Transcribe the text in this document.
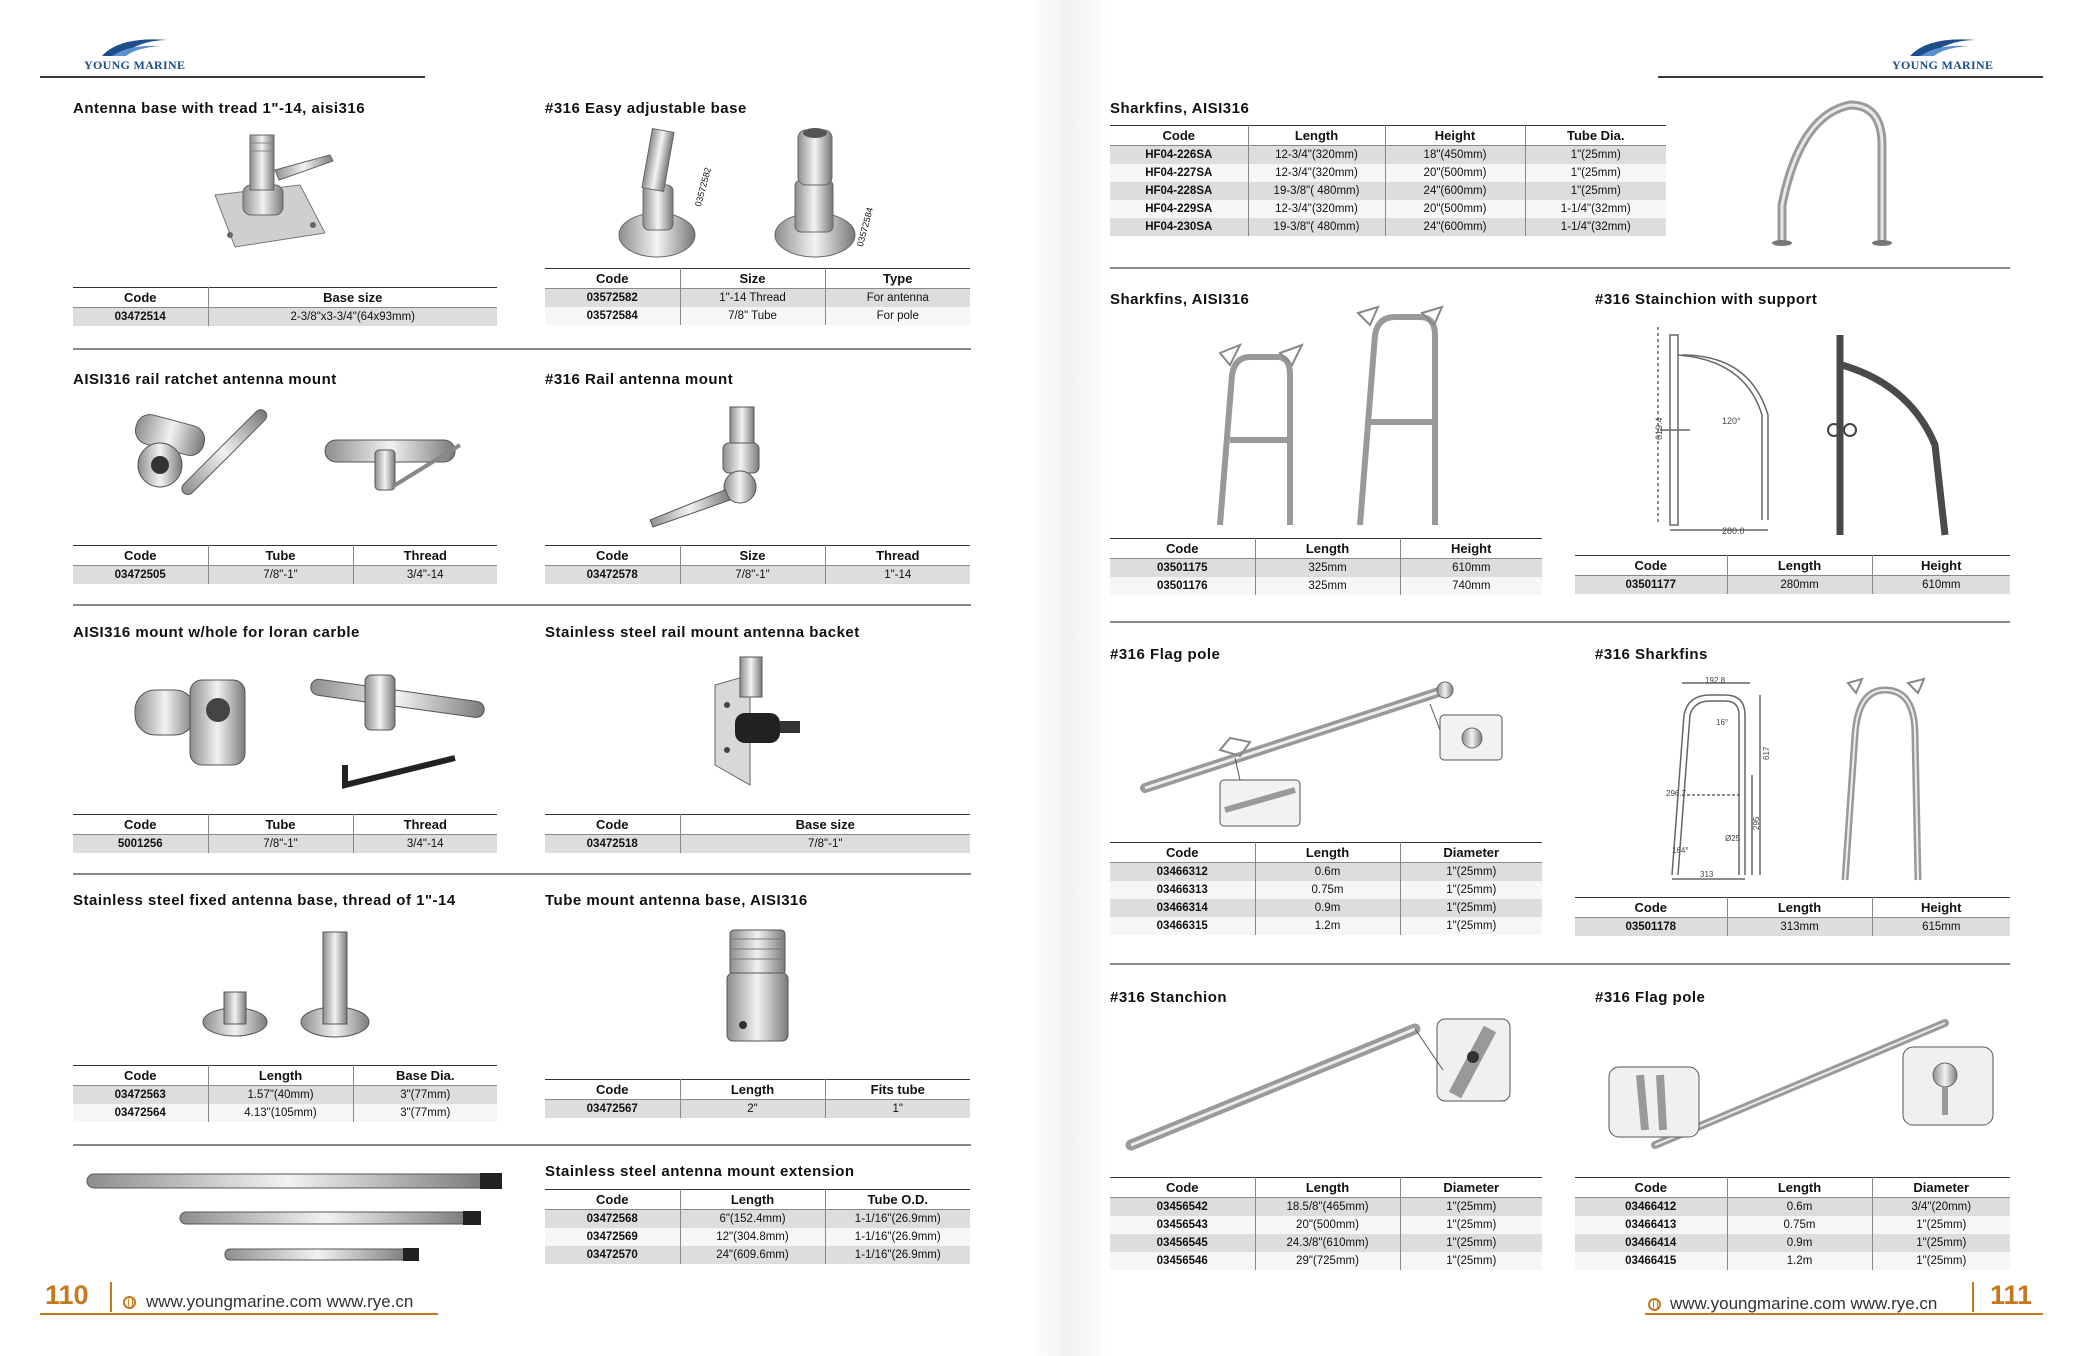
YOUNG MARINE	YOUNG MARINE
Antenna base with tread 1"-14, aisi316
Code	Base size
03472514	2-3/8"x3-3/4"(64x93mm)
#316 Easy adjustable base
03572582
03572584
Code	Size	Type
03572582	1"-14 Thread	For antenna
03572584	7/8" Tube	For pole
AISI316 rail ratchet antenna mount
Code	Tube	Thread
03472505	7/8"-1"	3/4"-14
#316 Rail antenna mount
Code	Size	Thread
03472578	7/8"-1"	1"-14
AISI316 mount w/hole for loran carble
Code	Tube	Thread
5001256	7/8"-1"	3/4"-14
Stainless steel rail mount antenna backet
Code	Base size
03472518	7/8"-1"
Stainless steel fixed antenna base, thread of 1"-14
Code	Length	Base Dia.
03472563	1.57"(40mm)	3"(77mm)
03472564	4.13"(105mm)	3"(77mm)
Tube mount antenna base, AISI316
Code	Length	Fits tube
03472567	2"	1"
Stainless steel antenna mount extension
Code	Length	Tube O.D.
03472568	6"(152.4mm)	1-1/16"(26.9mm)
03472569	12"(304.8mm)	1-1/16"(26.9mm)
03472570	24"(609.6mm)	1-1/16"(26.9mm)
110	www.youngmarine.com www.rye.cn
Sharkfins, AISI316
Code	Length	Height	Tube Dia.
HF04-226SA	12-3/4"(320mm)	18"(450mm)	1"(25mm)
HF04-227SA	12-3/4"(320mm)	20"(500mm)	1"(25mm)
HF04-228SA	19-3/8"( 480mm)	24"(600mm)	1"(25mm)
HF04-229SA	12-3/4"(320mm)	20"(500mm)	1-1/4"(32mm)
HF04-230SA	19-3/8"( 480mm)	24"(600mm)	1-1/4"(32mm)
Sharkfins, AISI316
Code	Length	Height
03501175	325mm	610mm
03501176	325mm	740mm
#316 Stainchion with support
619.4
280.0
120°
Code	Length	Height
03501177	280mm	610mm
#316 Flag pole
Code	Length	Diameter
03466312	0.6m	1"(25mm)
03466313	0.75m	1"(25mm)
03466314	0.9m	1"(25mm)
03466315	1.2m	1"(25mm)
#316 Sharkfins
192.8
617
296.7
295
16°
313
Ø25
164°
Code	Length	Height
03501178	313mm	615mm
#316 Stanchion
Code	Length	Diameter
03456542	18.5/8"(465mm)	1"(25mm)
03456543	20"(500mm)	1"(25mm)
03456545	24.3/8"(610mm)	1"(25mm)
03456546	29"(725mm)	1"(25mm)
#316 Flag pole
Code	Length	Diameter
03466412	0.6m	3/4"(20mm)
03466413	0.75m	1"(25mm)
03466414	0.9m	1"(25mm)
03466415	1.2m	1"(25mm)
www.youngmarine.com www.rye.cn 111
